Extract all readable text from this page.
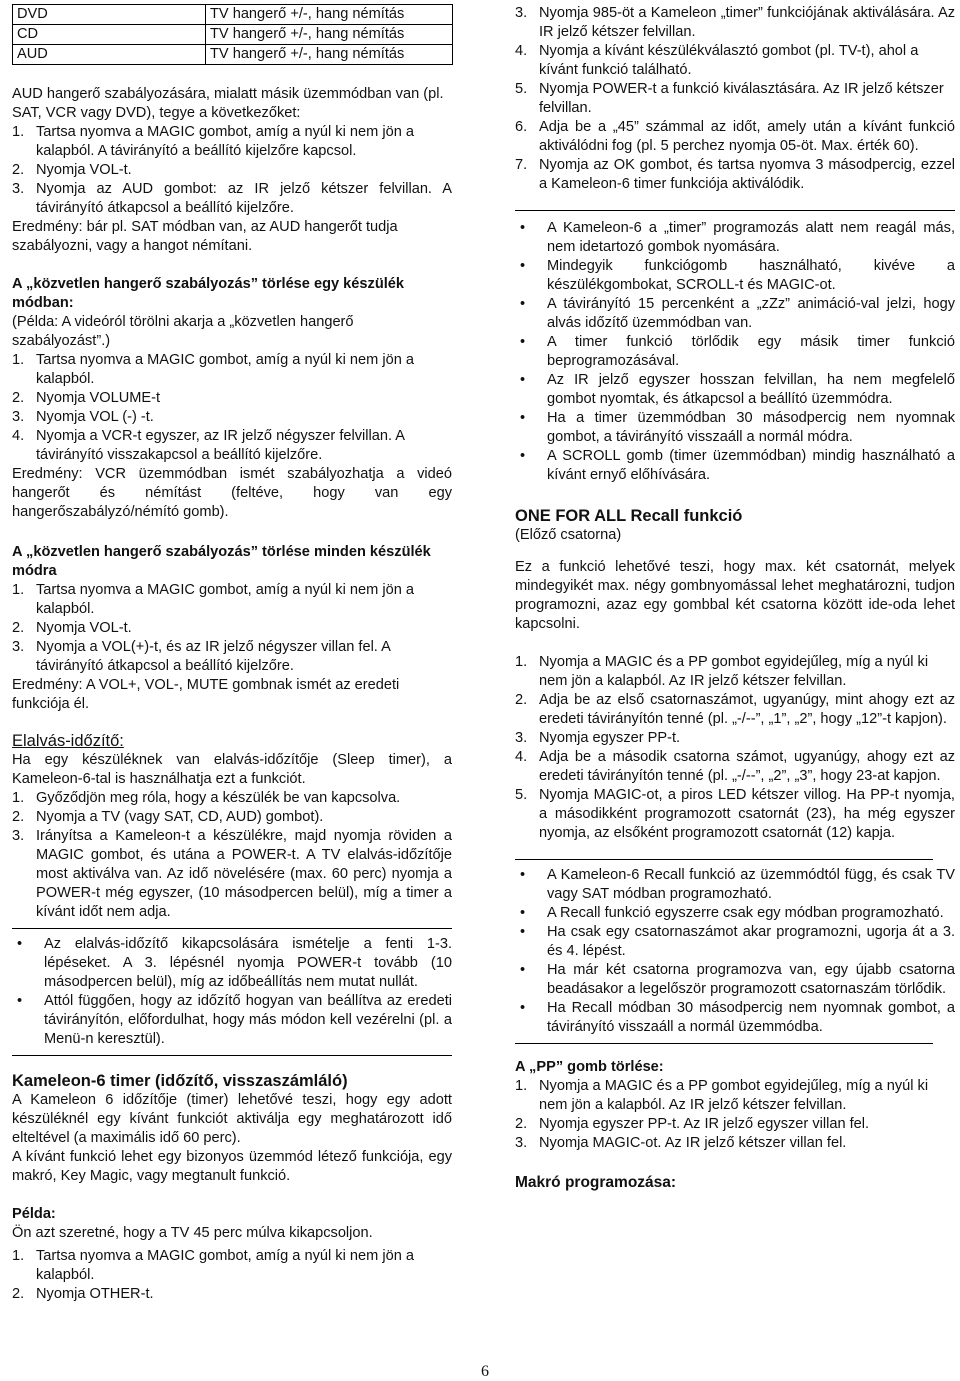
DVD	TV hangerő +/-, hang némítás
CD	TV hangerő +/-, hang némítás
AUD	TV hangerő +/-, hang némítás

AUD hangerő szabályozására, mialatt másik üzemmódban van (pl. SAT, VCR vagy DVD), tegye a következőket:

1. Tartsa nyomva a MAGIC gombot, amíg a nyúl ki nem jön a kalapból. A távirányító a beállító kijelzőre kapcsol.
2. Nyomja VOL-t.
3. Nyomja az AUD gombot: az IR jelző kétszer felvillan. A távirányító átkapcsol a beállító kijelzőre.

Eredmény: bár pl. SAT módban van, az AUD hangerőt tudja szabályozni, vagy a hangot némítani.

A „közvetlen hangerő szabályozás” törlése egy készülék módban:

(Példa: A videóról törölni akarja a „közvetlen hangerő szabályozást”.)

1. Tartsa nyomva a MAGIC gombot, amíg a nyúl ki nem jön a kalapból.
2. Nyomja VOLUME-t
3. Nyomja VOL (-) -t.
4. Nyomja a VCR-t egyszer, az IR jelző négyszer felvillan. A távirányító visszakapcsol a beállító kijelzőre.

Eredmény: VCR üzemmódban ismét szabályozhatja a videó hangerőt és némítást (feltéve, hogy van egy hangerőszabályzó/némító gomb).

A „közvetlen hangerő szabályozás” törlése minden készülék módra
1. Tartsa nyomva a MAGIC gombot, amíg a nyúl ki nem jön a kalapból.
2. Nyomja VOL-t.
3. Nyomja a VOL(+)-t, és az IR jelző négyszer villan fel. A távirányító átkapcsol a beállító kijelzőre.

Eredmény: A VOL+, VOL-, MUTE gombnak ismét az eredeti funkciója él.

Elalvás-időzítő:

Ha egy készüléknek van elalvás-időzítője (Sleep timer), a Kameleon-6-tal is használhatja ezt a funkciót.

1. Győződjön meg róla, hogy a készülék be van kapcsolva.
2. Nyomja a TV (vagy SAT, CD, AUD) gombot).
3. Irányítsa a Kameleon-t a készülékre, majd nyomja röviden a MAGIC gombot, és utána a POWER-t. A TV elalvás-időzítője most aktiválva van. Az idő növelésére (max. 60 perc) nyomja a POWER-t még egyszer, (10 másodpercen belül), míg a timer a kívánt időt nem adja.
•	Az elalvás-időzítő kikapcsolására ismételje a fenti 1-3. lépéseket. A 3. lépésnél nyomja POWER-t tovább (10 másodpercen belül), míg az időbeállítás nem mutat nullát.
•	Attól függően, hogy az időzítő hogyan van beállítva az eredeti távirányítón, előfordulhat, hogy más módon kell vezérelni (pl. a Menü-n keresztül).
Kameleon-6 timer (időzítő, visszaszámláló)

A Kameleon 6 időzítője (timer) lehetővé teszi, hogy egy adott készüléknél egy kívánt funkciót aktiválja egy meghatározott idő elteltével (a maximális idő 60 perc).

A kívánt funkció lehet egy bizonyos üzemmód létező funkciója, egy makró, Key Magic, vagy megtanult funkció.

Példa:

Ön azt szeretné, hogy a TV 45 perc múlva kikapcsoljon.

1. Tartsa nyomva a MAGIC gombot, amíg a nyúl ki nem jön a kalapból.
2. Nyomja OTHER-t.
3. Nyomja 985-öt a Kameleon „timer” funkciójának aktiválására. Az IR jelző kétszer felvillan.
4. Nyomja a kívánt készülékválasztó gombot (pl. TV-t), ahol a kívánt funkció található.
5. Nyomja POWER-t a funkció kiválasztására. Az IR jelző kétszer felvillan.
6. Adja be a „45” számmal az időt, amely után a kívánt funkció aktiválódni fog (pl. 5 perchez nyomja 05-öt. Max. érték 60).
7. Nyomja az OK gombot, és tartsa nyomva 3 másodpercig, ezzel a Kameleon-6 timer funkciója aktiválódik.
•	A Kameleon-6 a „timer” programozás alatt nem reagál más, nem idetartozó gombok nyomására.
•	Mindegyik funkciógomb használható, kivéve a készülékgombokat, SCROLL-t és MAGIC-ot.
•	A távirányító 15 percenként a „zZz” animáció-val jelzi, hogy alvás időzítő üzemmódban van.
•	A timer funkció törlődik egy másik timer funkció beprogramozásával.
•	Az IR jelző egyszer hosszan felvillan, ha nem megfelelő gombot nyomtak, és átkapcsol a beállító üzemmódra.
•	Ha a timer üzemmódban 30 másodpercig nem nyomnak gombot, a távirányító visszaáll a normál módra.
•	A SCROLL gomb (timer üzemmódban) mindig használható a kívánt ernyő előhívására.
ONE FOR ALL Recall funkció

(Előző csatorna)

Ez a funkció lehetővé teszi, hogy max. két csatornát, melyek mindegyikét max. négy gombnyomással lehet meghatározni, tudjon programozni, azaz egy gombbal két csatorna között ide-oda lehet kapcsolni.

1. Nyomja a MAGIC és a PP gombot egyidejűleg, míg a nyúl ki nem jön a kalapból. Az IR jelző kétszer felvillan.
2. Adja be az első csatornaszámot, ugyanúgy, mint ahogy ezt az eredeti távirányítón tenné (pl. „-/--”, „1”, „2”, hogy „12”-t kapjon).
3. Nyomja egyszer PP-t.
4. Adja be a második csatorna számot, ugyanúgy, ahogy ezt az eredeti távirányítón tenné (pl. „-/--”, „2”, „3”, hogy 23-at kapjon.
5. Nyomja MAGIC-ot, a piros LED kétszer villog. Ha PP-t nyomja, a másodikként programozott csatornát (23), ha még egyszer nyomja, az elsőként programozott csatornát (12) kapja.
•	A Kameleon-6 Recall funkció az üzemmódtól függ, és csak TV vagy SAT módban programozható.
•	A Recall funkció egyszerre csak egy módban programozható.
•	Ha csak egy csatornaszámot akar programozni, ugorja át a 3. és 4. lépést.
•	Ha már két csatorna programozva van, egy újabb csatorna beadásakor a legelőször programozott csatornaszám törlődik.
•	Ha Recall módban 30 másodpercig nem nyomnak gombot, a távirányító visszaáll a normál üzemmódba.
A „PP” gomb törlése:
1. Nyomja a MAGIC és a PP gombot egyidejűleg, míg a nyúl ki nem jön a kalapból. Az IR jelző kétszer felvillan.
2. Nyomja egyszer PP-t. Az IR jelző egyszer villan fel.
3. Nyomja MAGIC-ot. Az IR jelző kétszer villan fel.
Makró programozása:
6
